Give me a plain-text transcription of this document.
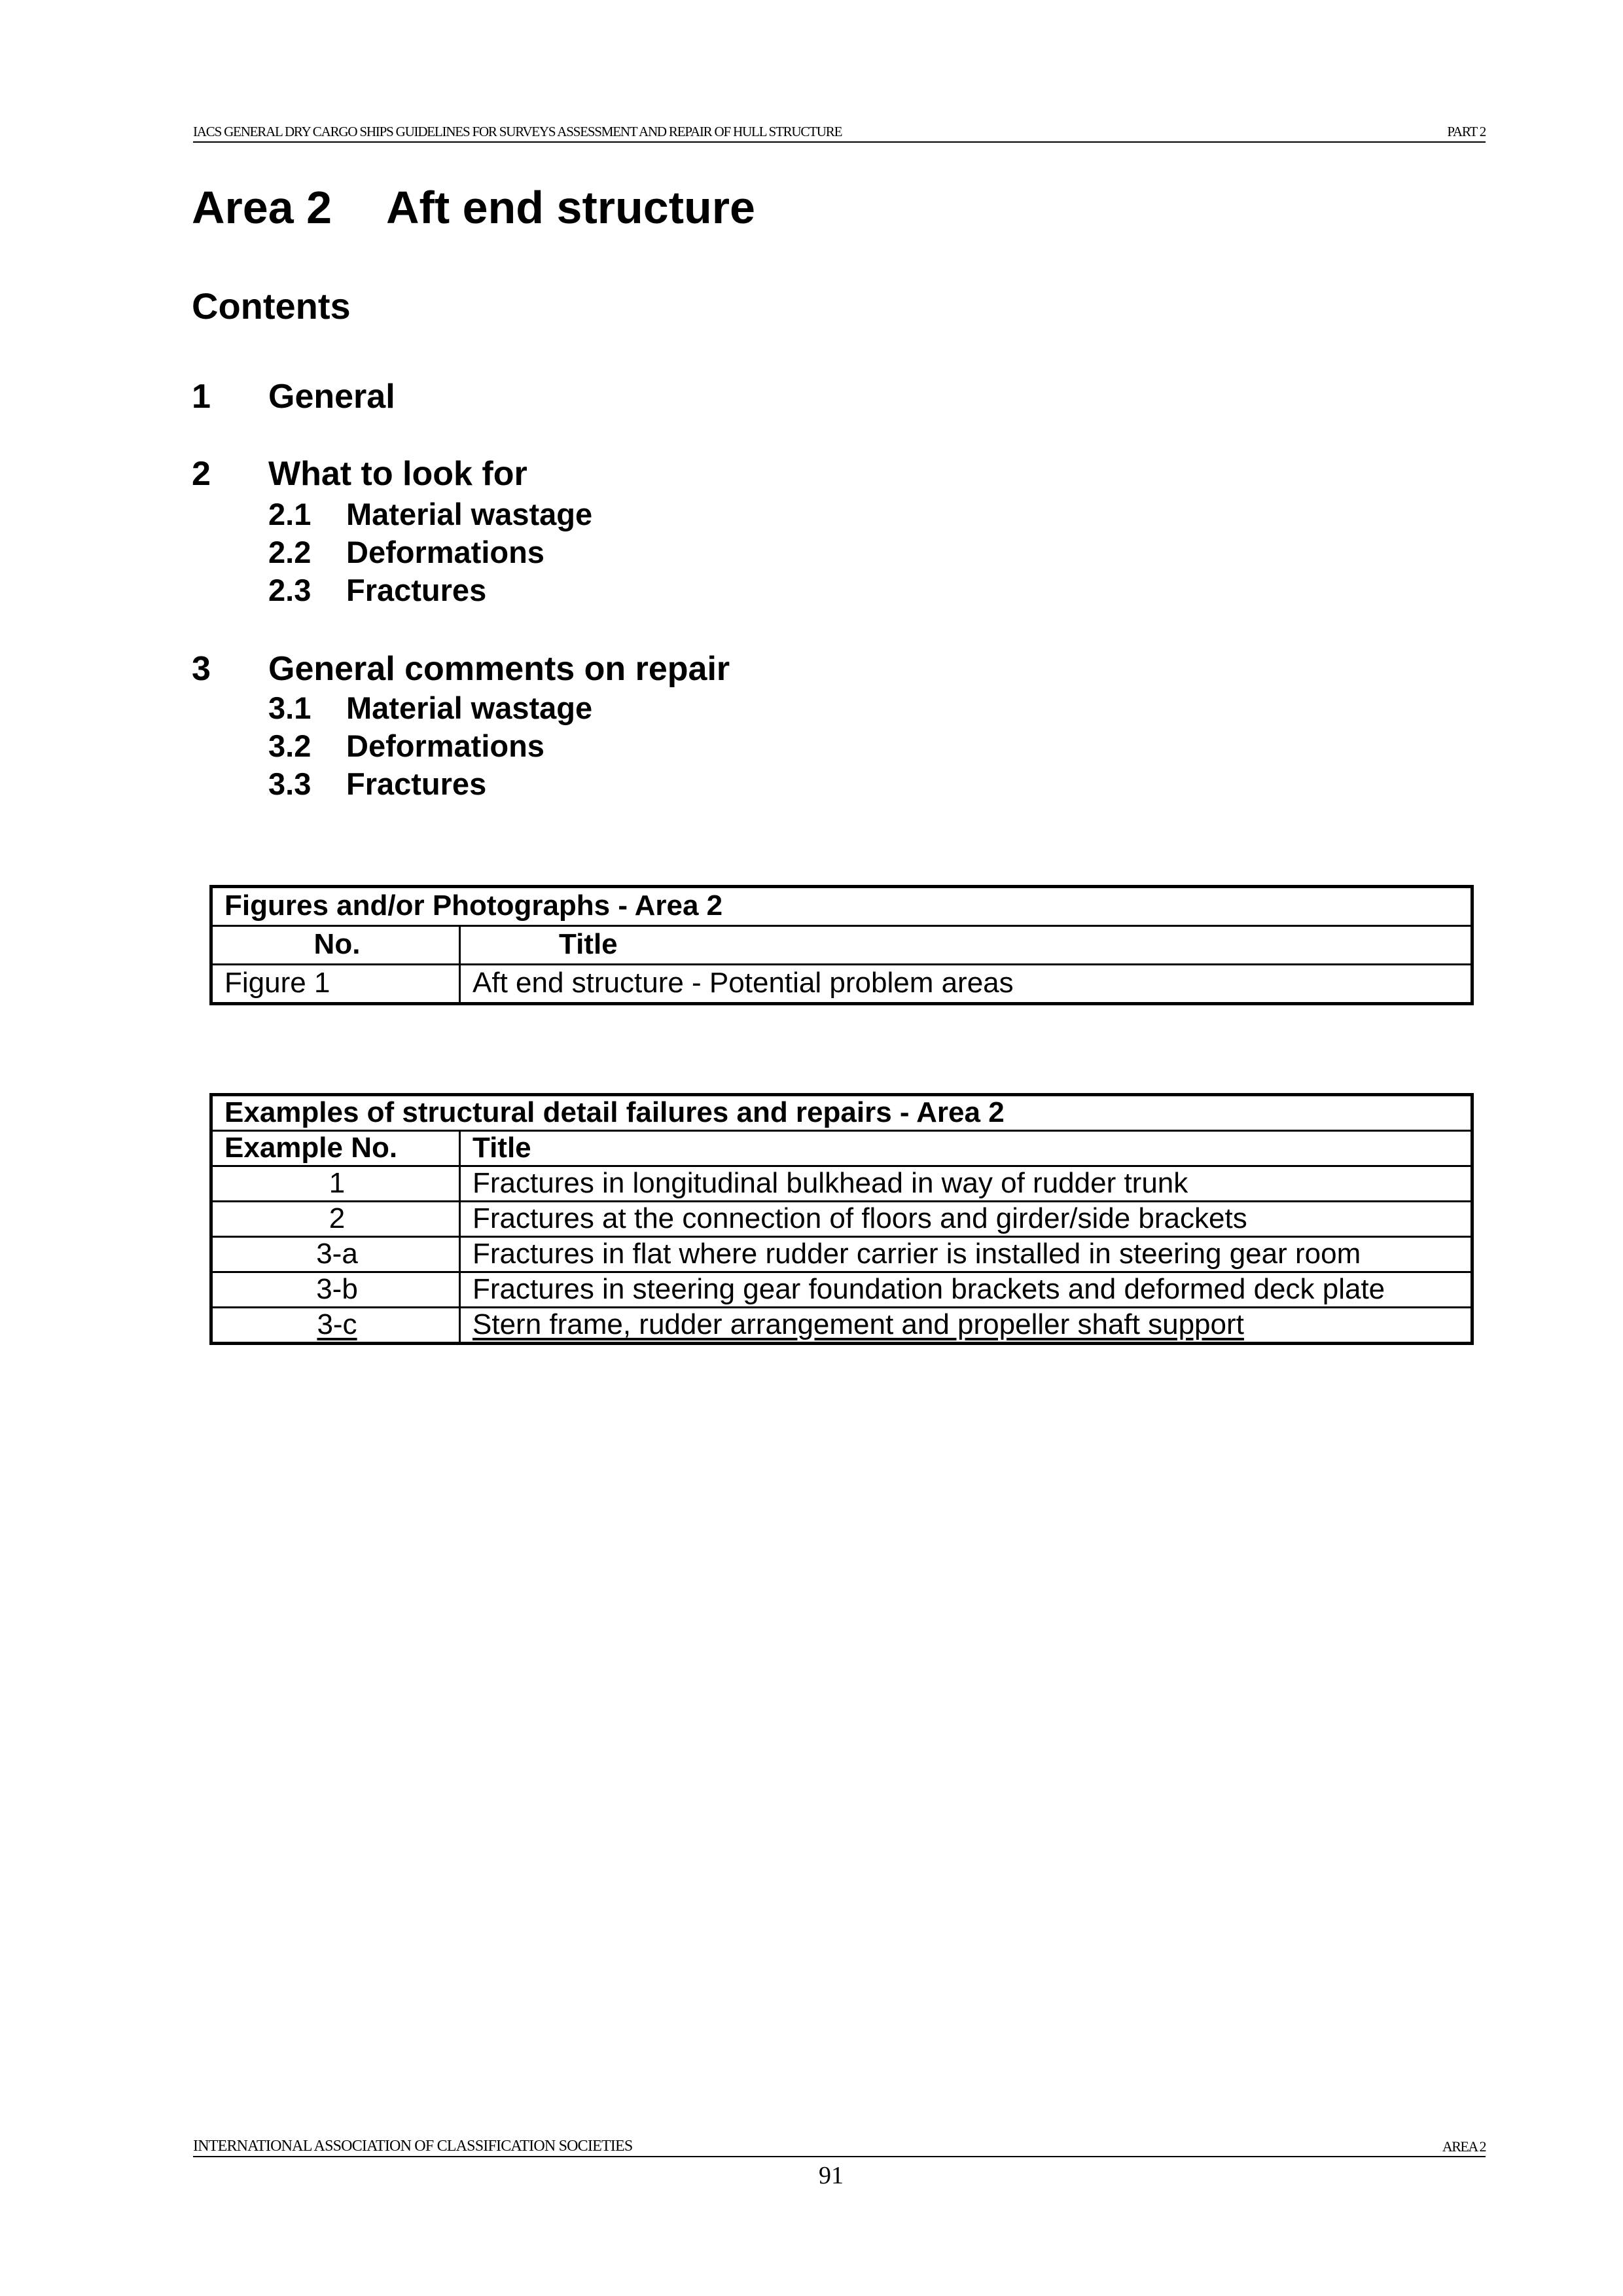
IACS GENERAL DRY CARGO SHIPS GUIDELINES FOR SURVEYS ASSESSMENT AND REPAIR OF HULL STRUCTURE	PART 2
Area 2 Aft end structure
Contents
1 General
2 What to look for
2.1 Material wastage
2.2 Deformations
2.3 Fractures
3 General comments on repair
3.1 Material wastage
3.2 Deformations
3.3 Fractures
Figures and/or Photographs - Area 2	
No.	Title
Figure 1	Aft end structure - Potential problem areas
Examples of structural detail failures and repairs - Area 2	
Example No.	Title
1	Fractures in longitudinal bulkhead in way of rudder trunk
2	Fractures at the connection of floors and girder/side brackets
3-a	Fractures in flat where rudder carrier is installed in steering gear room
3-b	Fractures in steering gear foundation brackets and deformed deck plate
3-c	Stern frame, rudder arrangement and propeller shaft support
INTERNATIONAL ASSOCIATION OF CLASSIFICATION SOCIETIES	AREA 2
91
